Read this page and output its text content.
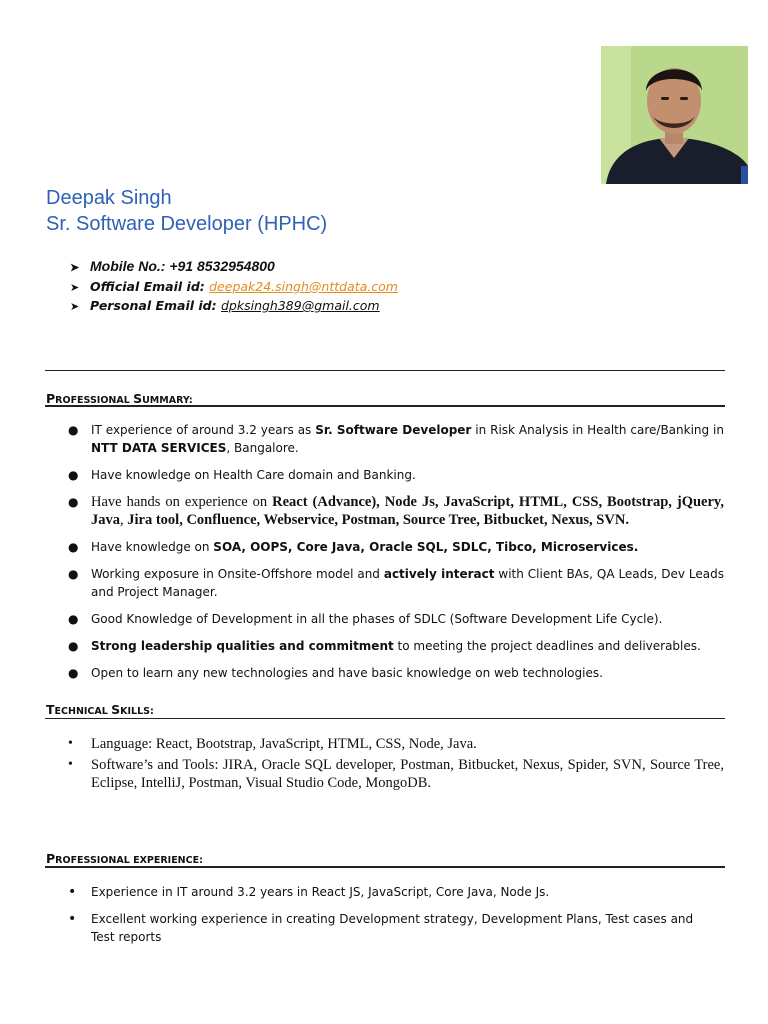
Deepak Singh
Sr. Software Developer (HPHC)
➤ Mobile No.: +91 8532954800
➤ Official Email id: deepak24.singh@nttdata.com
➤ Personal Email id: dpksingh389@gmail.com
PROFESSIONAL SUMMARY:
● IT experience of around 3.2 years as Sr. Software Developer in Risk Analysis in Health care/Banking in NTT DATA SERVICES, Bangalore.
● Have knowledge on Health Care domain and Banking.
● Have hands on experience on React (Advance), Node Js, JavaScript, HTML, CSS, Bootstrap, jQuery, Java, Jira tool, Confluence, Webservice, Postman, Source Tree, Bitbucket, Nexus, SVN.
● Have knowledge on SOA, OOPS, Core Java, Oracle SQL, SDLC, Tibco, Microservices.
● Working exposure in Onsite-Offshore model and actively interact with Client BAs, QA Leads, Dev Leads and Project Manager.
● Good Knowledge of Development in all the phases of SDLC (Software Development Life Cycle).
● Strong leadership qualities and commitment to meeting the project deadlines and deliverables.
● Open to learn any new technologies and have basic knowledge on web technologies.
TECHNICAL SKILLS:
• Language: React, Bootstrap, JavaScript, HTML, CSS, Node, Java.
• Software’s and Tools: JIRA, Oracle SQL developer, Postman, Bitbucket, Nexus, Spider, SVN, Source Tree, Eclipse, IntelliJ, Postman, Visual Studio Code, MongoDB.
PROFESSIONAL EXPERIENCE:
• Experience in IT around 3.2 years in React JS, JavaScript, Core Java, Node Js.
• Excellent working experience in creating Development strategy, Development Plans, Test cases and Test reports
